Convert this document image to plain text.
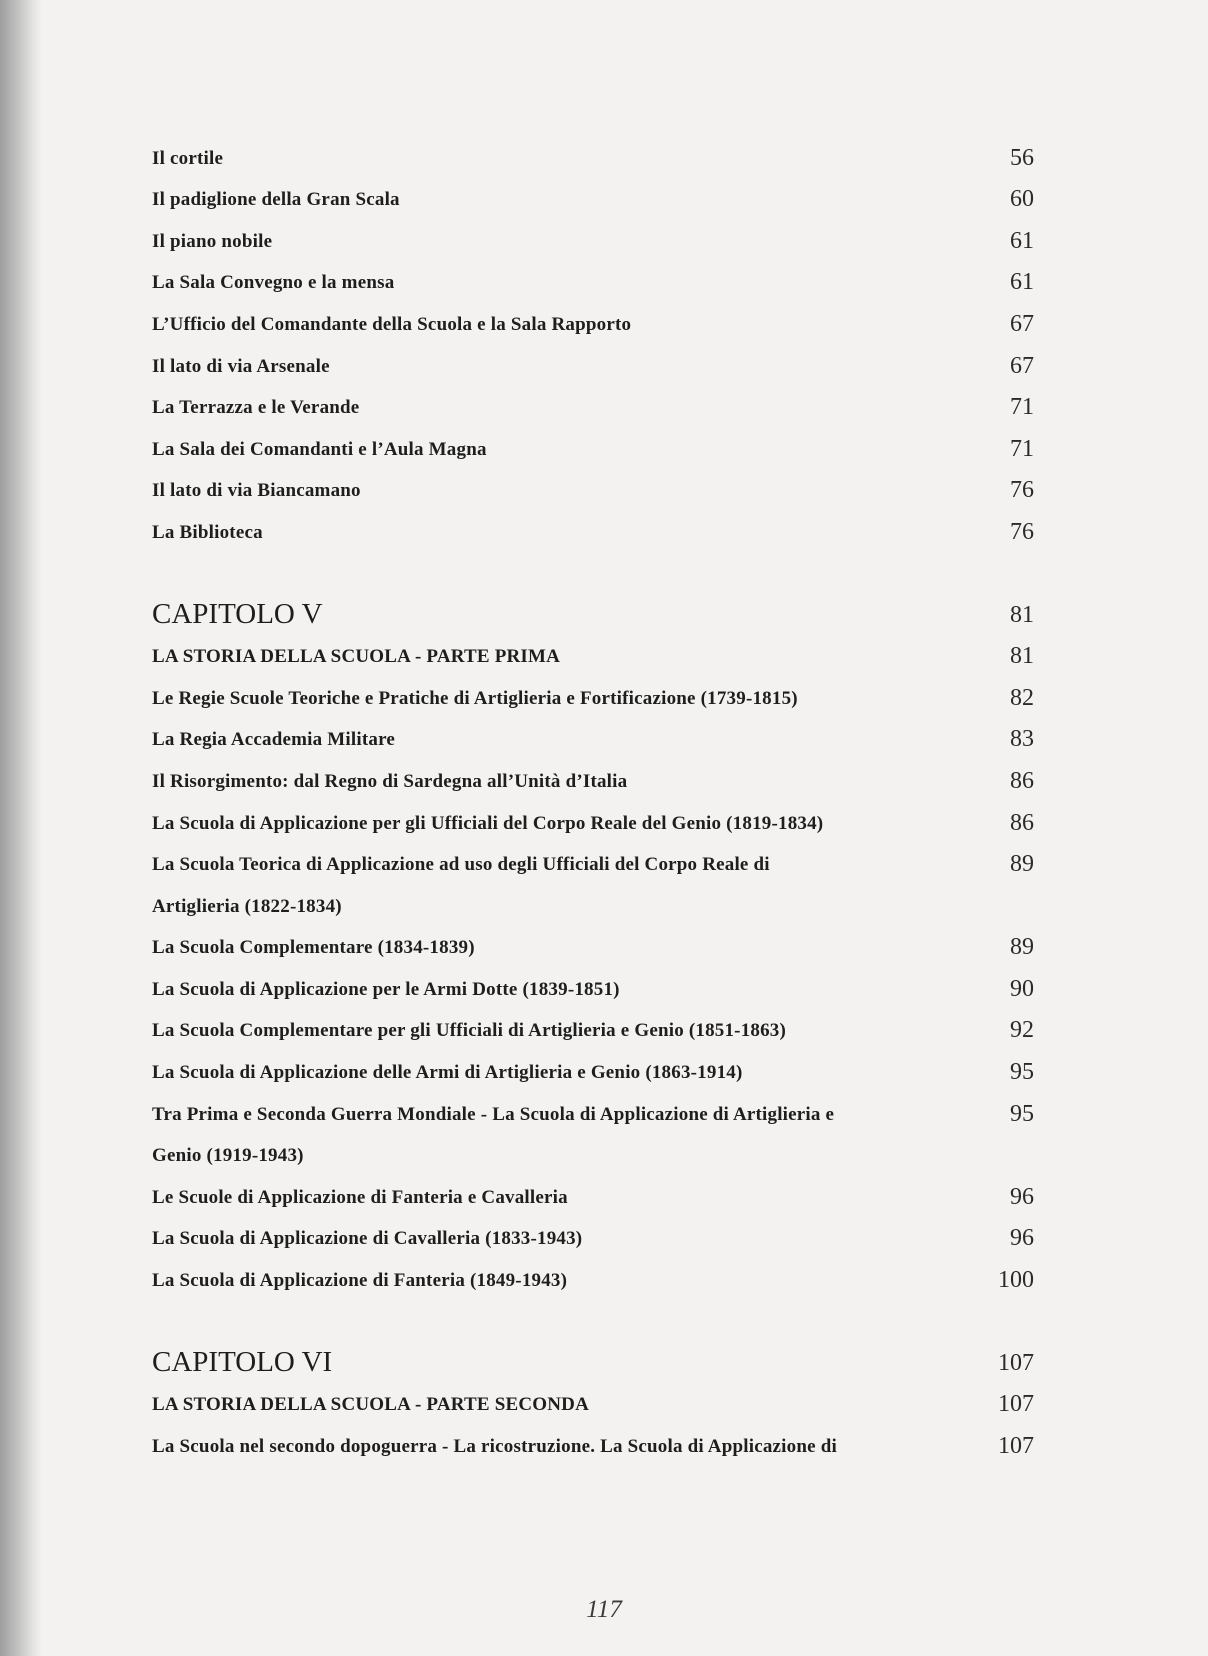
Il cortile	56
Il padiglione della Gran Scala	60
Il piano nobile	61
La Sala Convegno e la mensa	61
L’Ufficio del Comandante della Scuola e la Sala Rapporto	67
Il lato di via Arsenale	67
La Terrazza e le Verande	71
La Sala dei Comandanti e l’Aula Magna	71
Il lato di via Biancamano	76
La Biblioteca	76
CAPITOLO V	81
LA STORIA DELLA SCUOLA - PARTE PRIMA	81
Le Regie Scuole Teoriche e Pratiche di Artiglieria e Fortificazione (1739-1815)	82
La Regia Accademia Militare	83
Il Risorgimento: dal Regno di Sardegna all’Unità d’Italia	86
La Scuola di Applicazione per gli Ufficiali del Corpo Reale del Genio (1819-1834)	86
La Scuola Teorica di Applicazione ad uso degli Ufficiali del Corpo Reale di	89
Artiglieria (1822-1834)
La Scuola Complementare (1834-1839)	89
La Scuola di Applicazione per le Armi Dotte (1839-1851)	90
La Scuola Complementare per gli Ufficiali di Artiglieria e Genio (1851-1863)	92
La Scuola di Applicazione delle Armi di Artiglieria e Genio (1863-1914)	95
Tra Prima e Seconda Guerra Mondiale - La Scuola di Applicazione di Artiglieria e	95
Genio (1919-1943)
Le Scuole di Applicazione di Fanteria e Cavalleria	96
La Scuola di Applicazione di Cavalleria (1833-1943)	96
La Scuola di Applicazione di Fanteria (1849-1943)	100
CAPITOLO VI	107
LA STORIA DELLA SCUOLA - PARTE SECONDA	107
La Scuola nel secondo dopoguerra - La ricostruzione. La Scuola di Applicazione di	107
117
